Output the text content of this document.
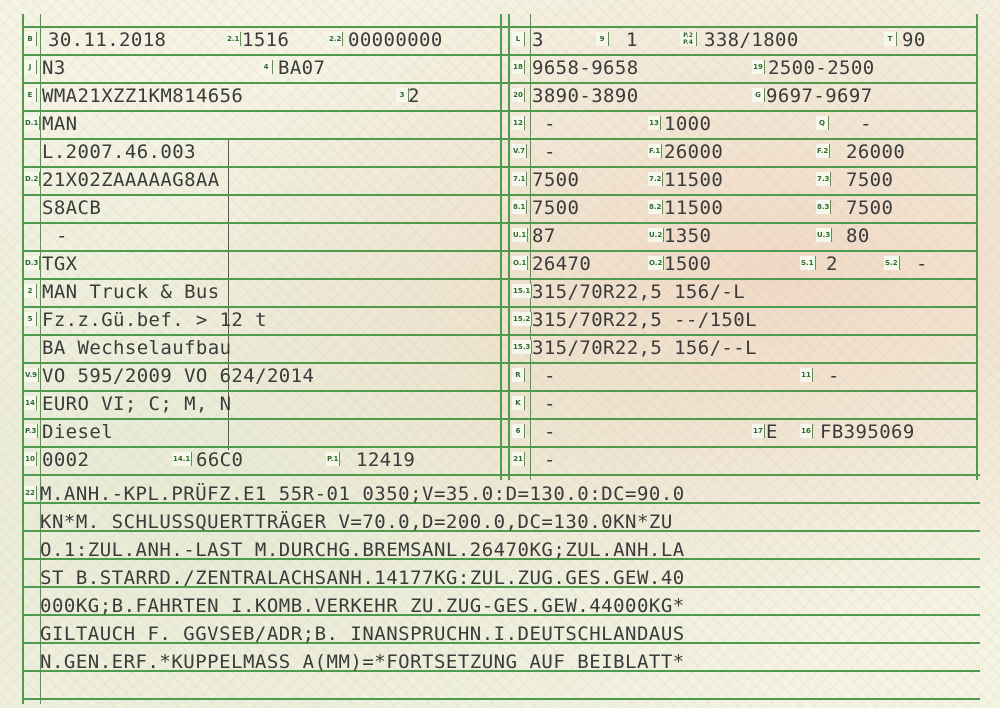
B 30.11.2018	2.1 1516	2.2 00000000
J N3	4 BA07
E WMA21XZZ1KM814656	3 2
D.1 MAN
L.2007.46.003
D.2 21X02ZAAAAAG8AA
S8ACB
-
D.3 TGX
2 MAN Truck & Bus
5 Fz.z.Gü.bef. > 12 t
BA Wechselaufbau
V.9 VO 595/2009 VO 624/2014
14 EURO VI; C; M, N
P.3 Diesel
10 0002	14.1 66C0	P.1 12419
L 3	9 1	P.2 P.4 338/1800	T 90
18 9658-9658	19 2500-2500
20 3890-3890	G 9697-9697
12 -	13 1000	Q -
V.7 -	F.1 26000	F.2 26000
7.1 7500	7.2 11500	7.3 7500
8.1 7500	8.2 11500	8.3 7500
U.1 87	U.2 1350	U.3 80
O.1 26470	O.2 1500	S.1 2	S.2 -
15.1 315/70R22,5 156/-L
15.2 315/70R22,5 --/150L
15.3 315/70R22,5 156/--L
R -	11 -
K -
6 -	17 E	16 FB395069
21 -
22 M.ANH.-KPL.PRÜFZ.E1 55R-01 0350;V=35.0:D=130.0:DC=90.0
KN*M. SCHLUSSQUERTTRÄGER V=70.0,D=200.0,DC=130.0KN*ZU
O.1:ZUL.ANH.-LAST M.DURCHG.BREMSANL.26470KG;ZUL.ANH.LA
ST B.STARRD./ZENTRALACHSANH.14177KG:ZUL.ZUG.GES.GEW.40
000KG;B.FAHRTEN I.KOMB.VERKEHR ZU.ZUG-GES.GEW.44000KG*
GILTAUCH F. GGVSEB/ADR;B. INANSPRUCHN.I.DEUTSCHLANDAUS
N.GEN.ERF.*KUPPELMASS A(MM)=*FORTSETZUNG AUF BEIBLATT*
